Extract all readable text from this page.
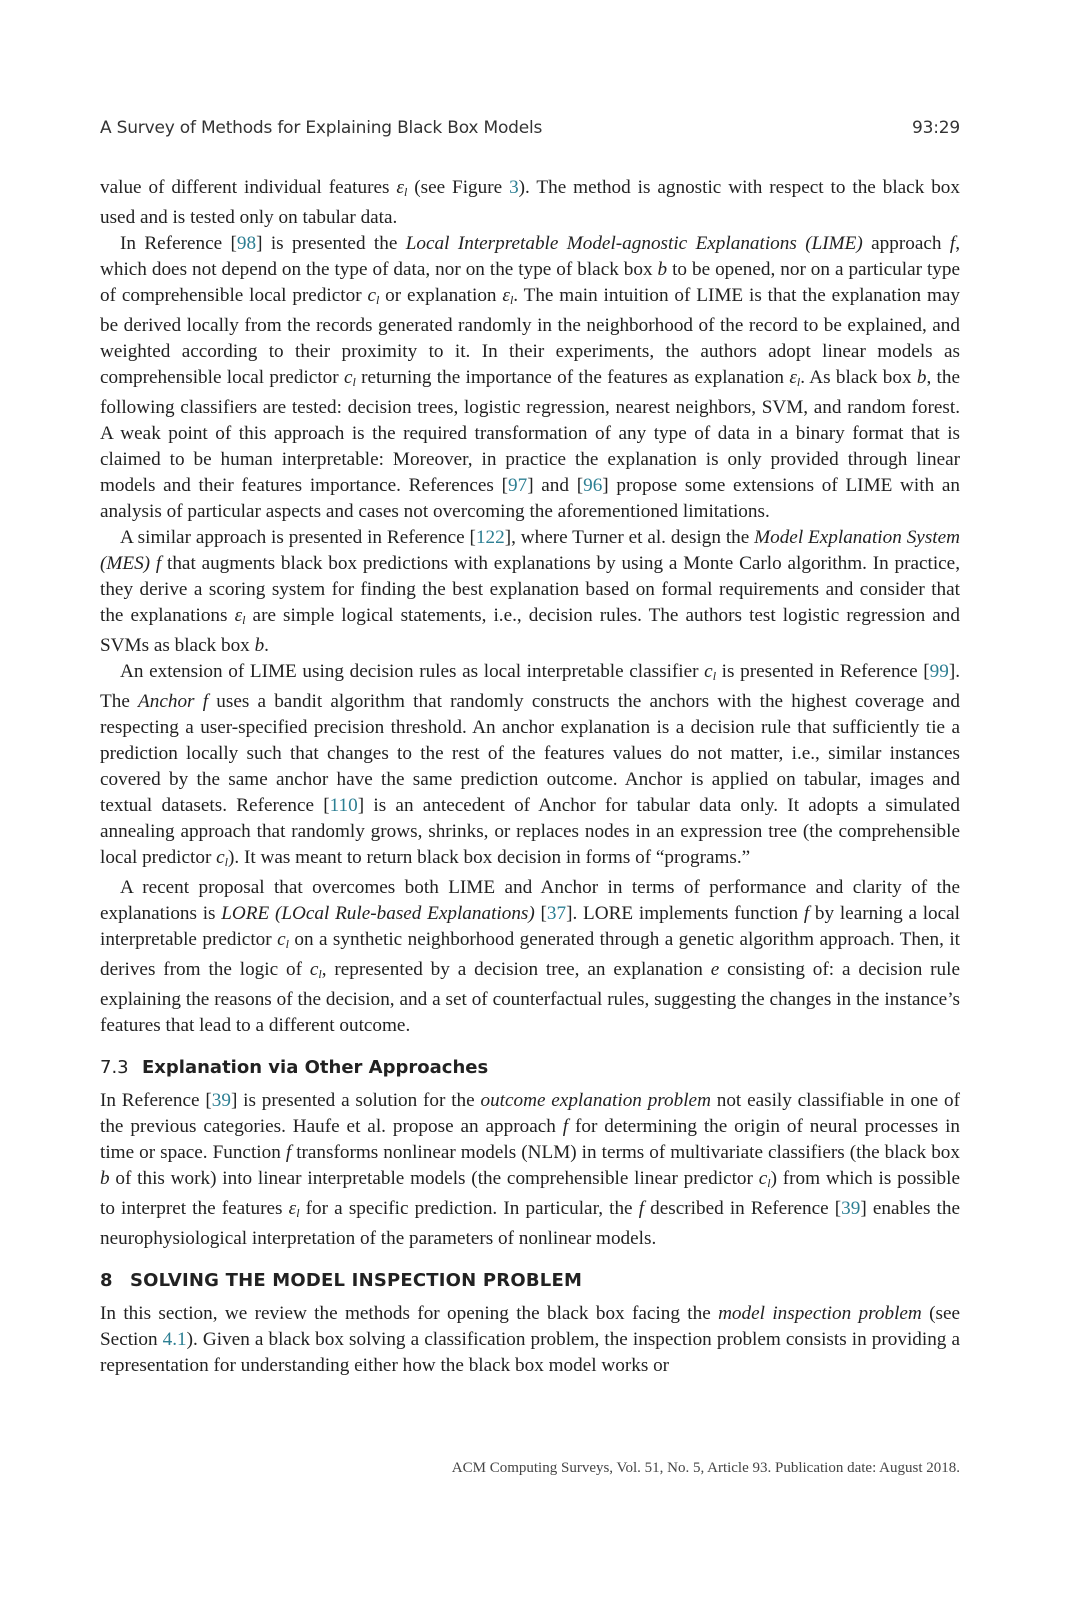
A Survey of Methods for Explaining Black Box Models	93:29

value of different individual features $\varepsilon_l$ (see Figure 3). The method is agnostic with respect to the black box used and is tested only on tabular data.

In Reference [98] is presented the Local Interpretable Model-agnostic Explanations (LIME) approach f, which does not depend on the type of data, nor on the type of black box b to be opened, nor on a particular type of comprehensible local predictor $c_l$ or explanation $\varepsilon_l$. The main intuition of LIME is that the explanation may be derived locally from the records generated randomly in the neighborhood of the record to be explained, and weighted according to their proximity to it. In their experiments, the authors adopt linear models as comprehensible local predictor $c_l$ returning the importance of the features as explanation $\varepsilon_l$. As black box b, the following classifiers are tested: decision trees, logistic regression, nearest neighbors, SVM, and random forest. A weak point of this approach is the required transformation of any type of data in a binary format that is claimed to be human interpretable: Moreover, in practice the explanation is only provided through linear models and their features importance. References [97] and [96] propose some extensions of LIME with an analysis of particular aspects and cases not overcoming the aforementioned limitations.

A similar approach is presented in Reference [122], where Turner et al. design the Model Explanation System (MES) f that augments black box predictions with explanations by using a Monte Carlo algorithm. In practice, they derive a scoring system for finding the best explanation based on formal requirements and consider that the explanations $\varepsilon_l$ are simple logical statements, i.e., decision rules. The authors test logistic regression and SVMs as black box b.

An extension of LIME using decision rules as local interpretable classifier $c_l$ is presented in Reference [99]. The Anchor f uses a bandit algorithm that randomly constructs the anchors with the highest coverage and respecting a user-specified precision threshold. An anchor explanation is a decision rule that sufficiently tie a prediction locally such that changes to the rest of the features values do not matter, i.e., similar instances covered by the same anchor have the same prediction outcome. Anchor is applied on tabular, images and textual datasets. Reference [110] is an antecedent of Anchor for tabular data only. It adopts a simulated annealing approach that randomly grows, shrinks, or replaces nodes in an expression tree (the comprehensible local predictor $c_l$). It was meant to return black box decision in forms of “programs.”

A recent proposal that overcomes both LIME and Anchor in terms of performance and clarity of the explanations is LORE (LOcal Rule-based Explanations) [37]. LORE implements function f by learning a local interpretable predictor $c_l$ on a synthetic neighborhood generated through a genetic algorithm approach. Then, it derives from the logic of $c_l$, represented by a decision tree, an explanation e consisting of: a decision rule explaining the reasons of the decision, and a set of counterfactual rules, suggesting the changes in the instance’s features that lead to a different outcome.

7.3 Explanation via Other Approaches

In Reference [39] is presented a solution for the outcome explanation problem not easily classifiable in one of the previous categories. Haufe et al. propose an approach f for determining the origin of neural processes in time or space. Function f transforms nonlinear models (NLM) in terms of multivariate classifiers (the black box b of this work) into linear interpretable models (the comprehensible linear predictor $c_l$) from which is possible to interpret the features $\varepsilon_l$ for a specific prediction. In particular, the f described in Reference [39] enables the neurophysiological interpretation of the parameters of nonlinear models.

8 SOLVING THE MODEL INSPECTION PROBLEM

In this section, we review the methods for opening the black box facing the model inspection problem (see Section 4.1). Given a black box solving a classification problem, the inspection problem consists in providing a representation for understanding either how the black box model works or

ACM Computing Surveys, Vol. 51, No. 5, Article 93. Publication date: August 2018.
